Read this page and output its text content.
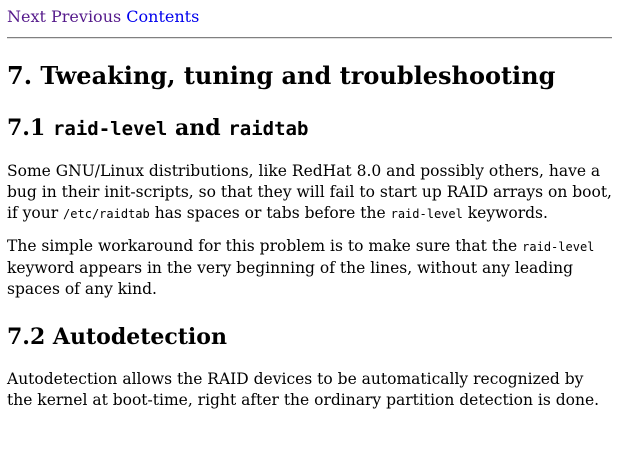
Next Previous Contents
7. Tweaking, tuning and troubleshooting
7.1 raid-level and raidtab

Some GNU/Linux distributions, like RedHat 8.0 and possibly others, have a bug in their init-scripts, so that they will fail to start up RAID arrays on boot, if your /etc/raidtab has spaces or tabs before the raid-level keywords.

The simple workaround for this problem is to make sure that the raid-level keyword appears in the very beginning of the lines, without any leading spaces of any kind.

7.2 Autodetection

Autodetection allows the RAID devices to be automatically recognized by the kernel at boot-time, right after the ordinary partition detection is done.
